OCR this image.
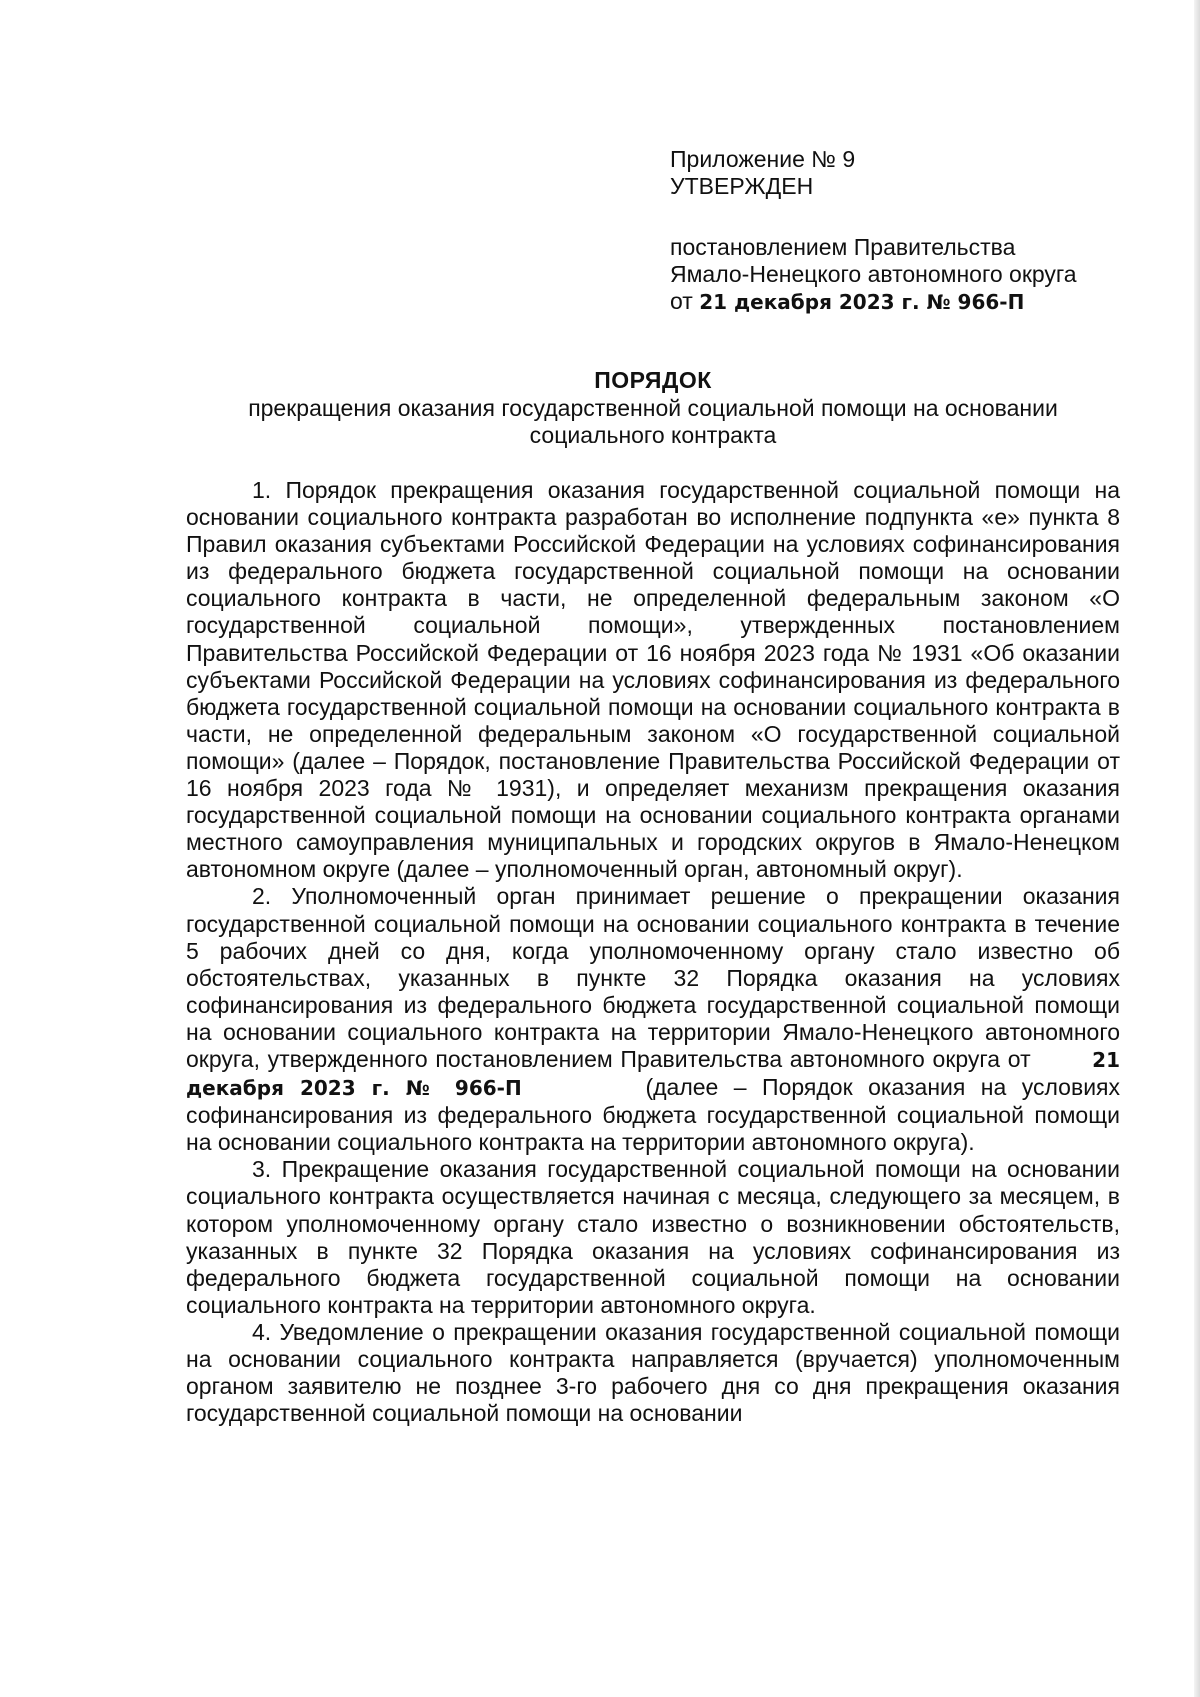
Приложение № 9
УТВЕРЖДЕН
постановлением Правительства
Ямало-Ненецкого автономного округа
от 21 декабря 2023 г. № 966-П
ПОРЯДОК
прекращения оказания государственной социальной помощи на основании социального контракта

1. Порядок прекращения оказания государственной социальной помощи на основании социального контракта разработан во исполнение подпункта «е» пункта 8 Правил оказания субъектами Российской Федерации на условиях софинансирования из федерального бюджета государственной социальной помощи на основании социального контракта в части, не определенной федеральным законом «О государственной социальной помощи», утвержденных постановлением Правительства Российской Федерации от 16 ноября 2023 года № 1931 «Об оказании субъектами Российской Федерации на условиях софинансирования из федерального бюджета государственной социальной помощи на основании социального контракта в части, не определенной федеральным законом «О государственной социальной помощи» (далее – Порядок, постановление Правительства Российской Федерации от 16 ноября 2023 года № 1931), и определяет механизм прекращения оказания государственной социальной помощи на основании социального контракта органами местного самоуправления муниципальных и городских округов в Ямало-Ненецком автономном округе (далее – уполномоченный орган, автономный округ).

2. Уполномоченный орган принимает решение о прекращении оказания государственной социальной помощи на основании социального контракта в течение 5 рабочих дней со дня, когда уполномоченному органу стало известно об обстоятельствах, указанных в пункте 32 Порядка оказания на условиях софинансирования из федерального бюджета государственной социальной помощи на основании социального контракта на территории Ямало-Ненецкого автономного округа, утвержденного постановлением Правительства автономного округа от	21 декабря 2023 г. № 966-П	(далее – Порядок оказания на условиях софинансирования из федерального бюджета государственной социальной помощи на основании социального контракта на территории автономного округа).

3. Прекращение оказания государственной социальной помощи на основании социального контракта осуществляется начиная с месяца, следующего за месяцем, в котором уполномоченному органу стало известно о возникновении обстоятельств, указанных в пункте 32 Порядка оказания на условиях софинансирования из федерального бюджета государственной социальной помощи на основании социального контракта на территории автономного округа.

4. Уведомление о прекращении оказания государственной социальной помощи на основании социального контракта направляется (вручается) уполномоченным органом заявителю не позднее 3-го рабочего дня со дня прекращения оказания государственной социальной помощи на основании
